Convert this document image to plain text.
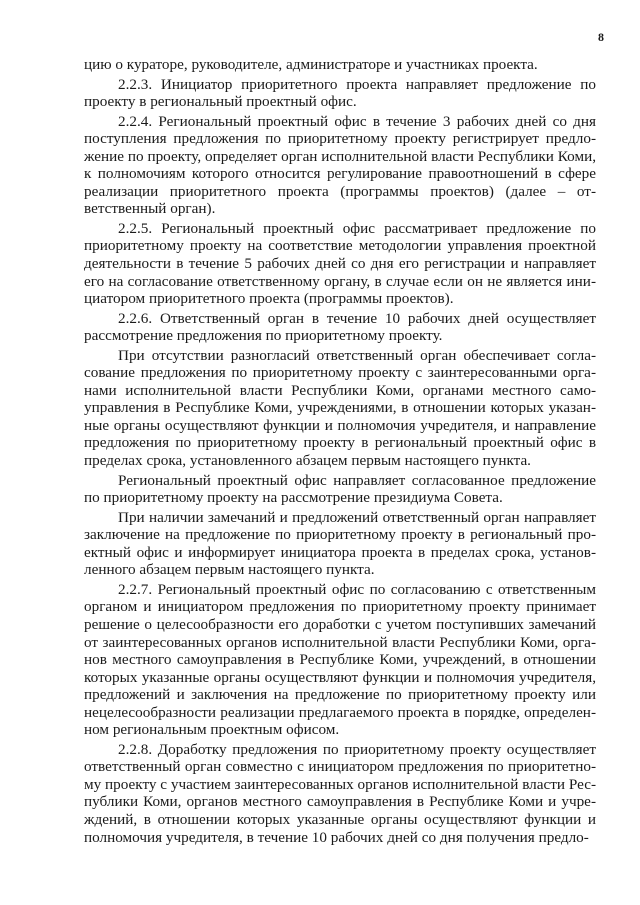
8

цию о кураторе, руководителе, администраторе и участниках проекта.

2.2.3. Инициатор приоритетного проекта направляет предложение по проекту в региональный проектный офис.

2.2.4. Региональный проектный офис в течение 3 рабочих дней со дня поступления предложения по приоритетному проекту регистрирует предложение по проекту, определяет орган исполнительной власти Республики Коми, к полномочиям которого относится регулирование правоотношений в сфере реализации приоритетного проекта (программы проектов) (далее – ответственный орган).

2.2.5. Региональный проектный офис рассматривает предложение по приоритетному проекту на соответствие методологии управления проектной деятельности в течение 5 рабочих дней со дня его регистрации и направляет его на согласование ответственному органу, в случае если он не является инициатором приоритетного проекта (программы проектов).

2.2.6. Ответственный орган в течение 10 рабочих дней осуществляет рассмотрение предложения по приоритетному проекту.

При отсутствии разногласий ответственный орган обеспечивает согласование предложения по приоритетному проекту с заинтересованными органами исполнительной власти Республики Коми, органами местного самоуправления в Республике Коми, учреждениями, в отношении которых указанные органы осуществляют функции и полномочия учредителя, и направление предложения по приоритетному проекту в региональный проектный офис в пределах срока, установленного абзацем первым настоящего пункта.

Региональный проектный офис направляет согласованное предложение по приоритетному проекту на рассмотрение президиума Совета.

При наличии замечаний и предложений ответственный орган направляет заключение на предложение по приоритетному проекту в региональный проектный офис и информирует инициатора проекта в пределах срока, установленного абзацем первым настоящего пункта.

2.2.7. Региональный проектный офис по согласованию с ответственным органом и инициатором предложения по приоритетному проекту принимает решение о целесообразности его доработки с учетом поступивших замечаний от заинтересованных органов исполнительной власти Республики Коми, органов местного самоуправления в Республике Коми, учреждений, в отношении которых указанные органы осуществляют функции и полномочия учредителя, предложений и заключения на предложение по приоритетному проекту или нецелесообразности реализации предлагаемого проекта в порядке, определенном региональным проектным офисом.

2.2.8. Доработку предложения по приоритетному проекту осуществляет ответственный орган совместно с инициатором предложения по приоритетному проекту с участием заинтересованных органов исполнительной власти Республики Коми, органов местного самоуправления в Республике Коми и учреждений, в отношении которых указанные органы осуществляют функции и полномочия учредителя, в течение 10 рабочих дней со дня получения предло-
